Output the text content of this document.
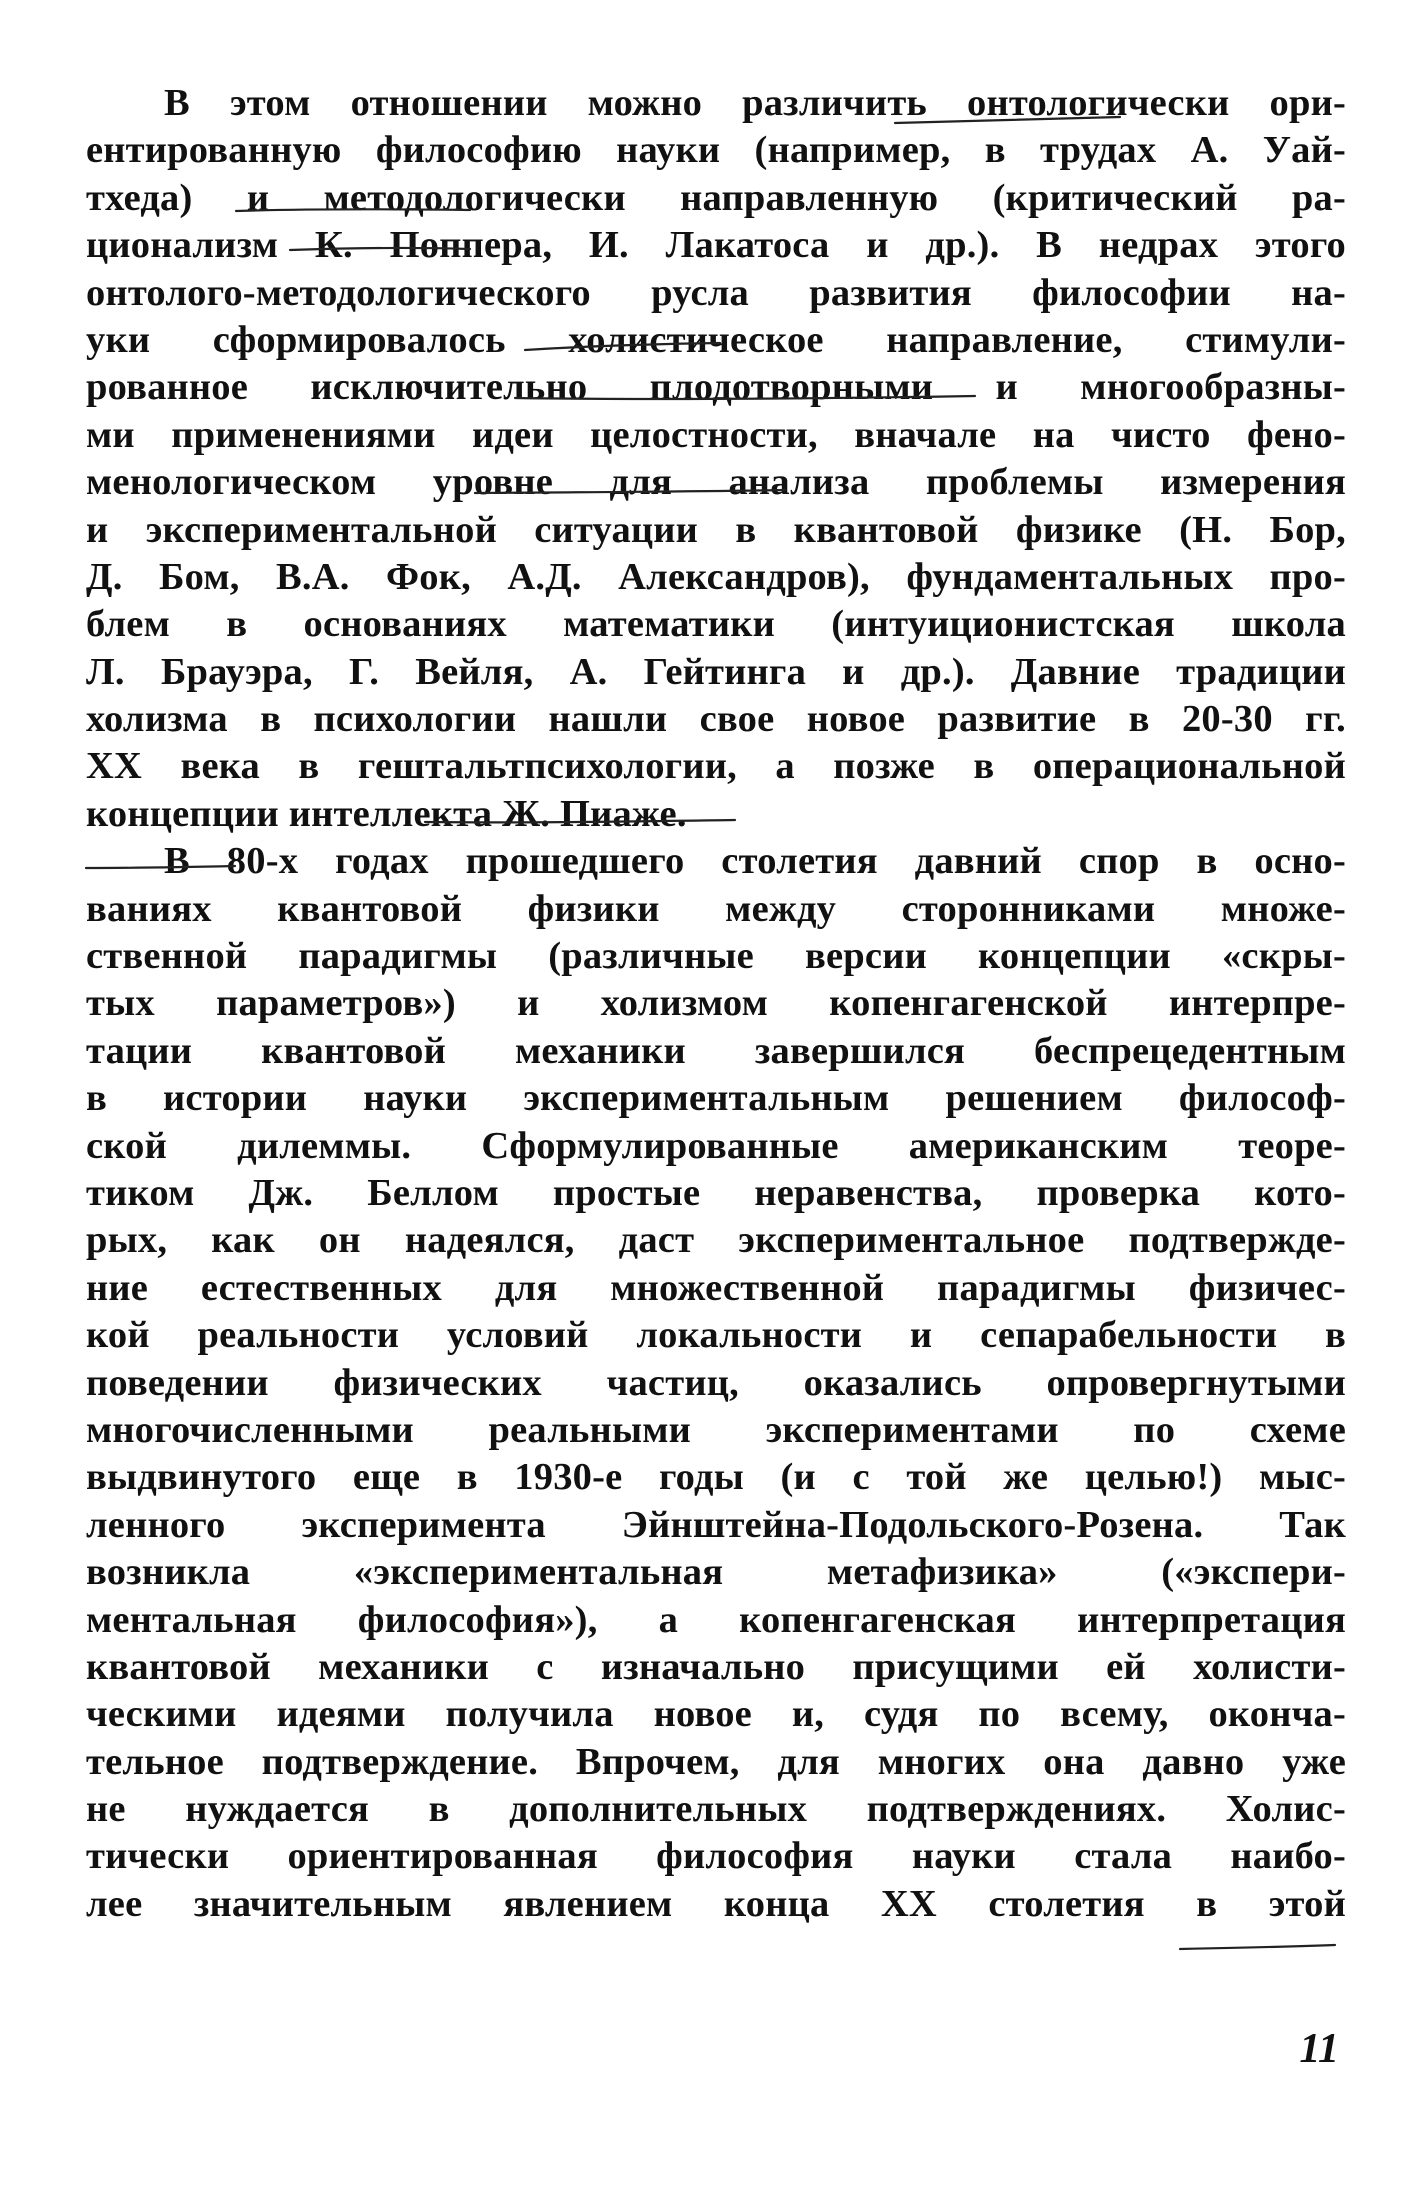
В этом отношении можно различить онтологически ори-
ентированную философию науки (например, в трудах А. Уай-
тхеда) и методологически направленную (критический ра-
ционализм К. Поппера, И. Лакатоса и др.). В недрах этого
онтолого-методологического русла развития философии на-
уки сформировалось холистическое направление, стимули-
рованное исключительно плодотворными и многообразны-
ми применениями идеи целостности, вначале на чисто фено-
менологическом уровне для анализа проблемы измерения
и экспериментальной ситуации в квантовой физике (Н. Бор,
Д. Бом, В.А. Фок, А.Д. Александров), фундаментальных про-
блем в основаниях математики (интуиционистская школа
Л. Брауэра, Г. Вейля, А. Гейтинга и др.). Давние традиции
холизма в психологии нашли свое новое развитие в 20-30 гг.
XX века в гештальтпсихологии, а позже в операциональной
концепции интеллекта Ж. Пиаже.
В 80-х годах прошедшего столетия давний спор в осно-
ваниях квантовой физики между сторонниками множе-
ственной парадигмы (различные версии концепции «скры-
тых параметров») и холизмом копенгагенской интерпре-
тации квантовой механики завершился беспрецедентным
в истории науки экспериментальным решением философ-
ской дилеммы. Сформулированные американским теоре-
тиком Дж. Беллом простые неравенства, проверка кото-
рых, как он надеялся, даст экспериментальное подтвержде-
ние естественных для множественной парадигмы физичес-
кой реальности условий локальности и сепарабельности в
поведении физических частиц, оказались опровергнутыми
многочисленными реальными экспериментами по схеме
выдвинутого еще в 1930-е годы (и с той же целью!) мыс-
ленного эксперимента Эйнштейна-Подольского-Розена. Так
возникла «экспериментальная метафизика» («экспери-
ментальная философия»), а копенгагенская интерпретация
квантовой механики с изначально присущими ей холисти-
ческими идеями получила новое и, судя по всему, оконча-
тельное подтверждение. Впрочем, для многих она давно уже
не нуждается в дополнительных подтверждениях. Холис-
тически ориентированная философия науки стала наибо-
лее значительным явлением конца XX столетия в этой
11
